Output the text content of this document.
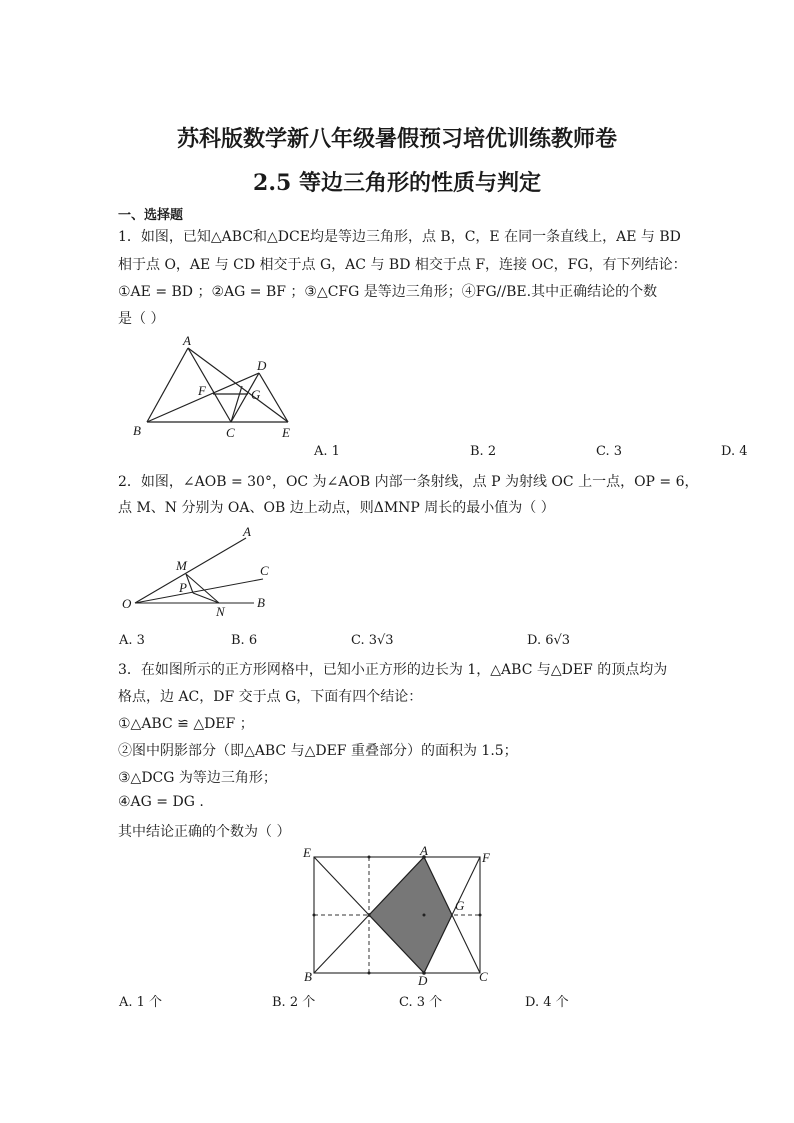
苏科版数学新八年级暑假预习培优训练教师卷
2.5 等边三角形的性质与判定
一、选择题
1．如图，已知△ABC和△DCE均是等边三角形，点 B，C，E 在同一条直线上，AE 与 BD
相于点 O，AE 与 CD 相交于点 G，AC 与 BD 相交于点 F，连接 OC，FG，有下列结论：
①AE = BD ；②AG = BF ；③△CFG 是等边三角形；④FG//BE.其中正确结论的个数
是（ ）
A
B	C
D
E
F	G
A. 1	B. 2	C. 3	D. 4
2．如图，∠AOB = 30°，OC 为∠AOB 内部一条射线，点 P 为射线 OC 上一点，OP = 6，
点 M、N 分别为 OA、OB 边上动点，则ΔMNP 周长的最小值为（ ）
A
C
B
O
M
P
N
A. 3	B. 6	C. 3√3	D. 6√3
3．在如图所示的正方形网格中，已知小正方形的边长为 1，△ABC 与△DEF 的顶点均为
格点，边 AC，DF 交于点 G，下面有四个结论：
①△ABC ≌ △DEF ；
②图中阴影部分（即△ABC 与△DEF 重叠部分）的面积为 1.5；
③△DCG 为等边三角形；
④AG = DG .
其中结论正确的个数为（ ）
E	A	F
G
B	D	C
A. 1 个	B. 2 个	C. 3 个	D. 4 个
